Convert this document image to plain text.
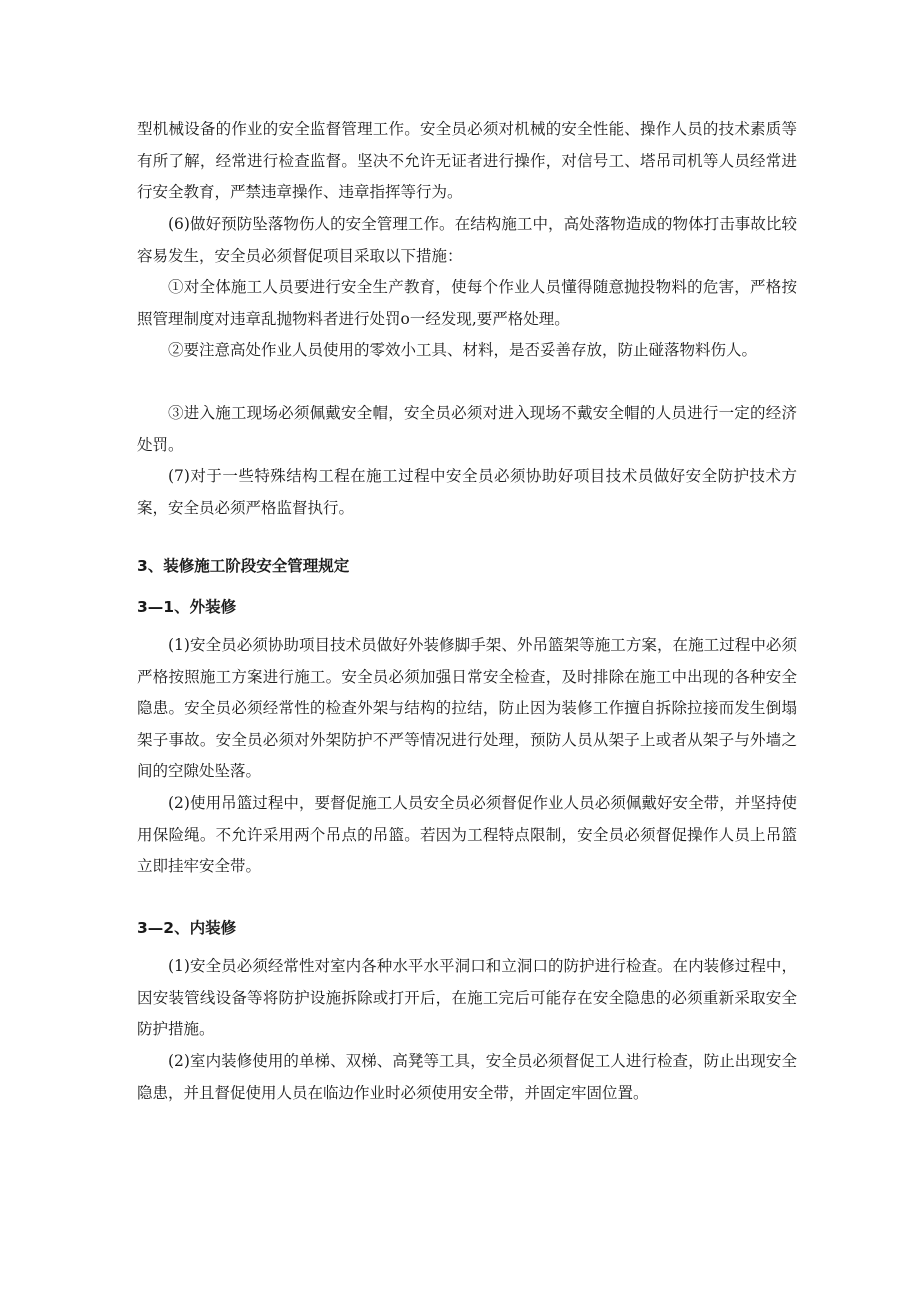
型机械设备的作业的安全监督管理工作。安全员必须对机械的安全性能、操作人员的技术素质等有所了解，经常进行检查监督。坚决不允许无证者进行操作，对信号工、塔吊司机等人员经常进行安全教育，严禁违章操作、违章指挥等行为。

(6)做好预防坠落物伤人的安全管理工作。在结构施工中，高处落物造成的物体打击事故比较容易发生，安全员必须督促项目采取以下措施：

①对全体施工人员要进行安全生产教育，使每个作业人员懂得随意抛投物料的危害，严格按照管理制度对违章乱抛物料者进行处罚o一经发现,要严格处理。

②要注意高处作业人员使用的零效小工具、材料，是否妥善存放，防止碰落物料伤人。

③进入施工现场必须佩戴安全帽，安全员必须对进入现场不戴安全帽的人员进行一定的经济处罚。

(7)对于一些特殊结构工程在施工过程中安全员必须协助好项目技术员做好安全防护技术方案，安全员必须严格监督执行。

3、装修施工阶段安全管理规定
3—1、外装修

(1)安全员必须协助项目技术员做好外装修脚手架、外吊篮架等施工方案，在施工过程中必须严格按照施工方案进行施工。安全员必须加强日常安全检查，及时排除在施工中出现的各种安全隐患。安全员必须经常性的检查外架与结构的拉结，防止因为装修工作擅自拆除拉接而发生倒塌架子事故。安全员必须对外架防护不严等情况进行处理，预防人员从架子上或者从架子与外墙之间的空隙处坠落。

(2)使用吊篮过程中，要督促施工人员安全员必须督促作业人员必须佩戴好安全带，并坚持使用保险绳。不允许采用两个吊点的吊篮。若因为工程特点限制，安全员必须督促操作人员上吊篮立即挂牢安全带。

3—2、内装修

(1)安全员必须经常性对室内各种水平水平洞口和立洞口的防护进行检查。在内装修过程中，因安装管线设备等将防护设施拆除或打开后，在施工完后可能存在安全隐患的必须重新采取安全防护措施。

(2)室内装修使用的单梯、双梯、高凳等工具，安全员必须督促工人进行检查，防止出现安全隐患，并且督促使用人员在临边作业时必须使用安全带，并固定牢固位置。
